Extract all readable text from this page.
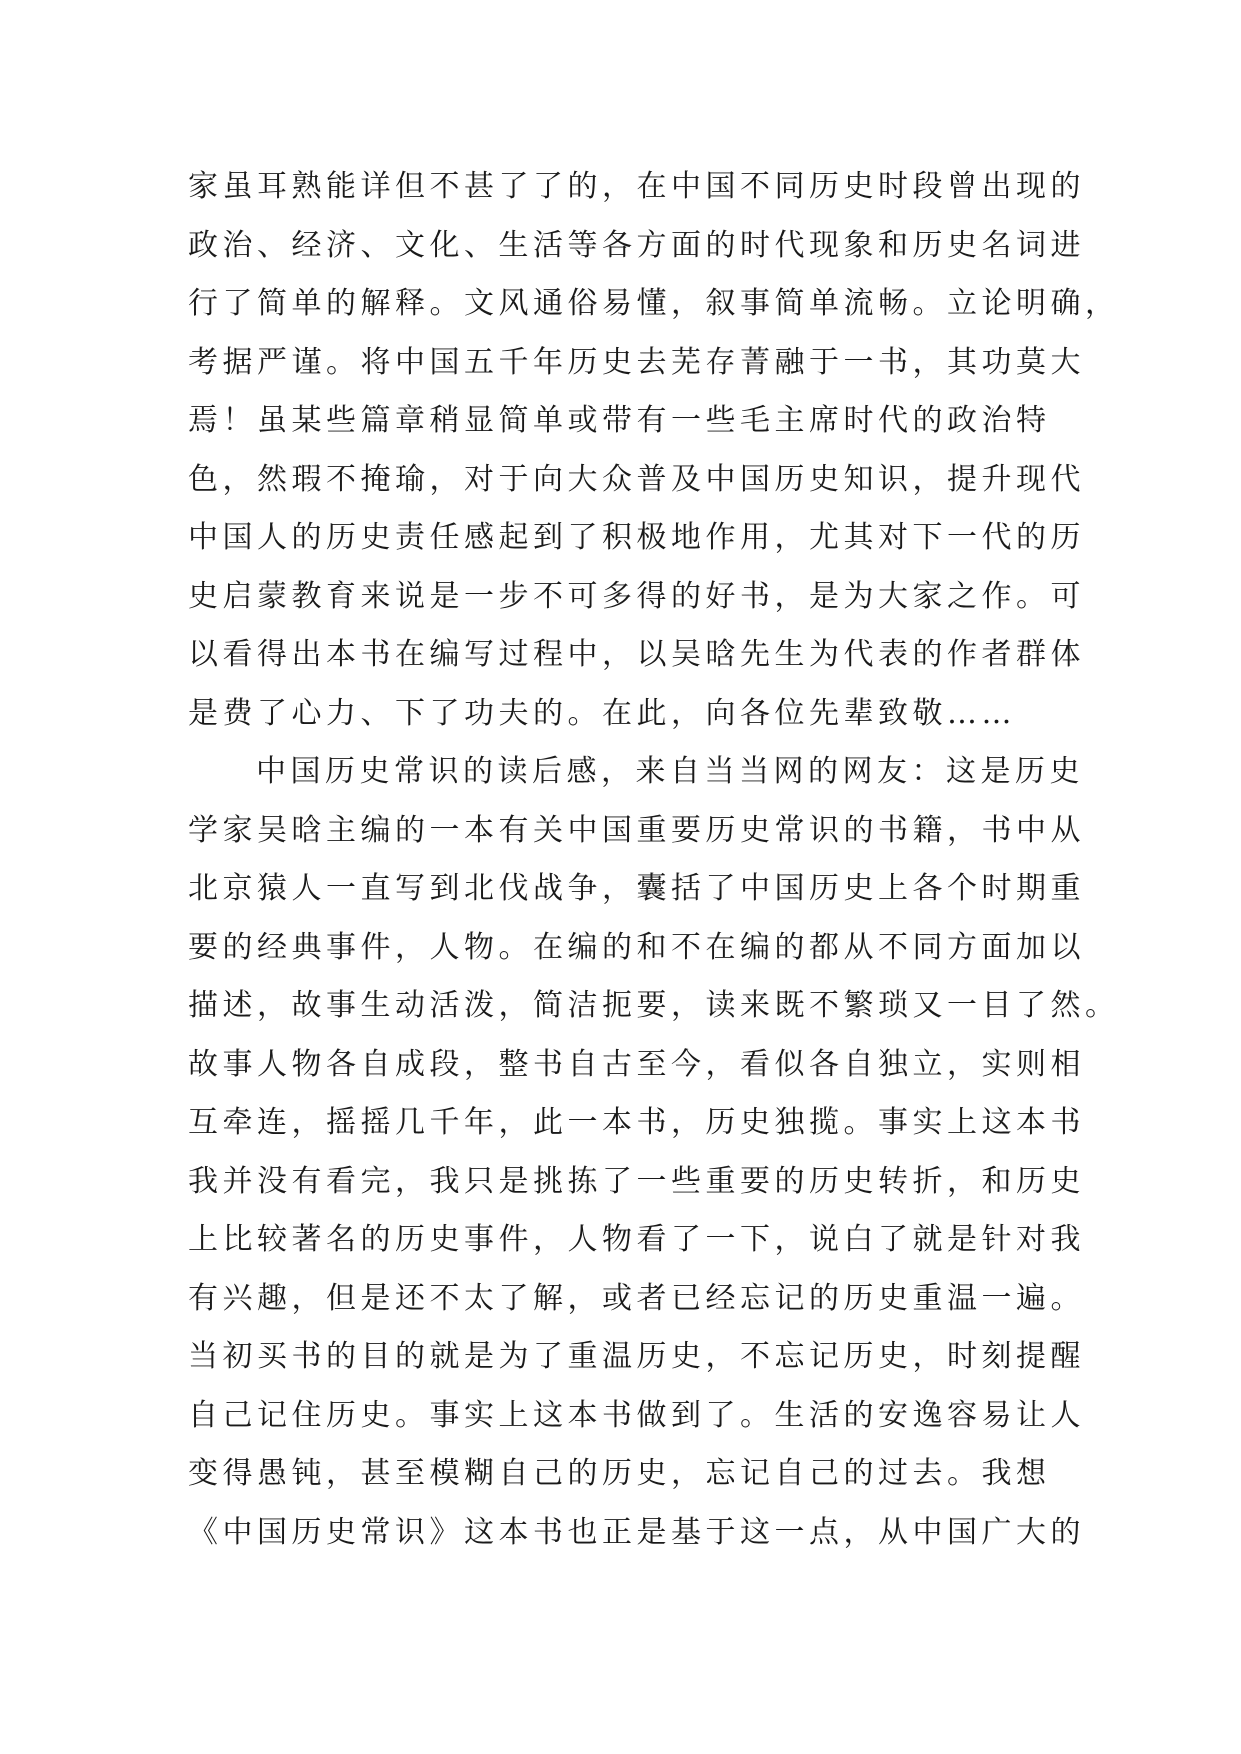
家虽耳熟能详但不甚了了的，在中国不同历史时段曾出现的
政治、经济、文化、生活等各方面的时代现象和历史名词进
行了简单的解释。文风通俗易懂，叙事简单流畅。立论明确，
考据严谨。将中国五千年历史去芜存菁融于一书，其功莫大
焉！虽某些篇章稍显简单或带有一些毛主席时代的政治特
色，然瑕不掩瑜，对于向大众普及中国历史知识，提升现代
中国人的历史责任感起到了积极地作用，尤其对下一代的历
史启蒙教育来说是一步不可多得的好书，是为大家之作。可
以看得出本书在编写过程中，以吴晗先生为代表的作者群体
是费了心力、下了功夫的。在此，向各位先辈致敬……
中国历史常识的读后感，来自当当网的网友：这是历史
学家吴晗主编的一本有关中国重要历史常识的书籍，书中从
北京猿人一直写到北伐战争，囊括了中国历史上各个时期重
要的经典事件，人物。在编的和不在编的都从不同方面加以
描述，故事生动活泼，简洁扼要，读来既不繁琐又一目了然。
故事人物各自成段，整书自古至今，看似各自独立，实则相
互牵连，摇摇几千年，此一本书，历史独揽。事实上这本书
我并没有看完，我只是挑拣了一些重要的历史转折，和历史
上比较著名的历史事件，人物看了一下，说白了就是针对我
有兴趣，但是还不太了解，或者已经忘记的历史重温一遍。
当初买书的目的就是为了重温历史，不忘记历史，时刻提醒
自己记住历史。事实上这本书做到了。生活的安逸容易让人
变得愚钝，甚至模糊自己的历史，忘记自己的过去。我想
《中国历史常识》这本书也正是基于这一点，从中国广大的
